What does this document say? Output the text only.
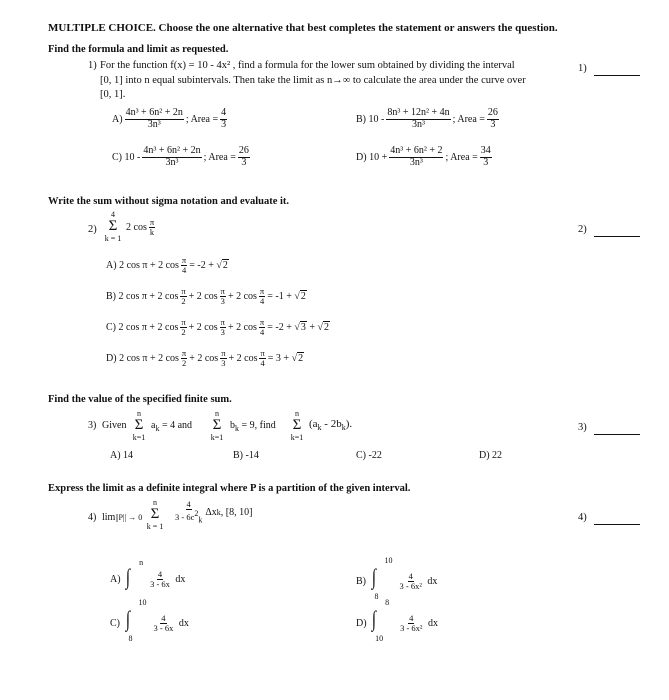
MULTIPLE CHOICE. Choose the one alternative that best completes the statement or answers the question.
Find the formula and limit as requested.
1) For the function f(x) = 10 - 4x² , find a formula for the lower sum obtained by dividing the interval
[0, 1] into n equal subintervals. Then take the limit as n→∞ to calculate the area under the curve over
[0, 1].
1)
$A) \frac{\text{4n³ + 6n² + 2n}}{\text{3n³}}$ ; Area = $\frac{4}{3}$	B)
$10 - \frac{\text{8n³ + 12n² + 4n}}{\text{3n³}}$ ; Area = $\frac{26}{3}$
C)
$10 - \frac{\text{4n³ + 6n² + 2n}}{\text{3n³}}$ ; Area = $\frac{26}{3}$	D)
$10 + \frac{\text{4n³ + 6n² + 2}}{\text{3n³}}$ ; Area = $\frac{34}{3}$
Write the sum without sigma notation and evaluate it.
2)
4
Σ
k = 1
2 $\cos \frac{\pi}{k}$	2)
A)
2 cos π + 2 $\cos \frac{\pi}{4} = -2$ + √ 2
B)
2 cos π + 2 $\cos \frac{\pi}{2} + 2$ $\cos \frac{\pi}{3} + 2$ $\cos \frac{\pi}{4} = -1$ + √ 2
C)
2 cos π + 2 $\cos \frac{\pi}{2} + 2$ $\cos \frac{\pi}{3} + 2$ $\cos \frac{\pi}{4} = -2$ + √ 3
+ √ 2
D)
2 cos π + 2 $\cos \frac{\pi}{2} + 2$ $\cos \frac{\pi}{3} + 2$ $\cos \frac{\pi}{4} = 3$ + √ 2
Find the value of the specified finite sum.
3) Given
n
Σ
k=1
$a_k = 4$ and
n
Σ
k=1
$b_k = 9$, find
n
Σ
k=1
$(a_k - 2b_k)$.	3)
A) 14	B) -14	C) -22	D) 22
Express the limit as a definite integral where P is a partition of the given interval.
4) lim||P|| → 0
n
Σ
k = 1
$\frac{4}{3 - 6c^2_k}$ Δx k , [8, 10]	4)
A)

n
∫ $\frac{4}{3 - 6x}$
dx	B)

10
∫
8
$\frac{4}{\text{3 - 6x²}}$
dx
C)

10
∫
8
$\frac{4}{3 - 6x}$
dx	D)

8
∫
10
$\frac{4}{\text{3 - 6x²}}$
dx
